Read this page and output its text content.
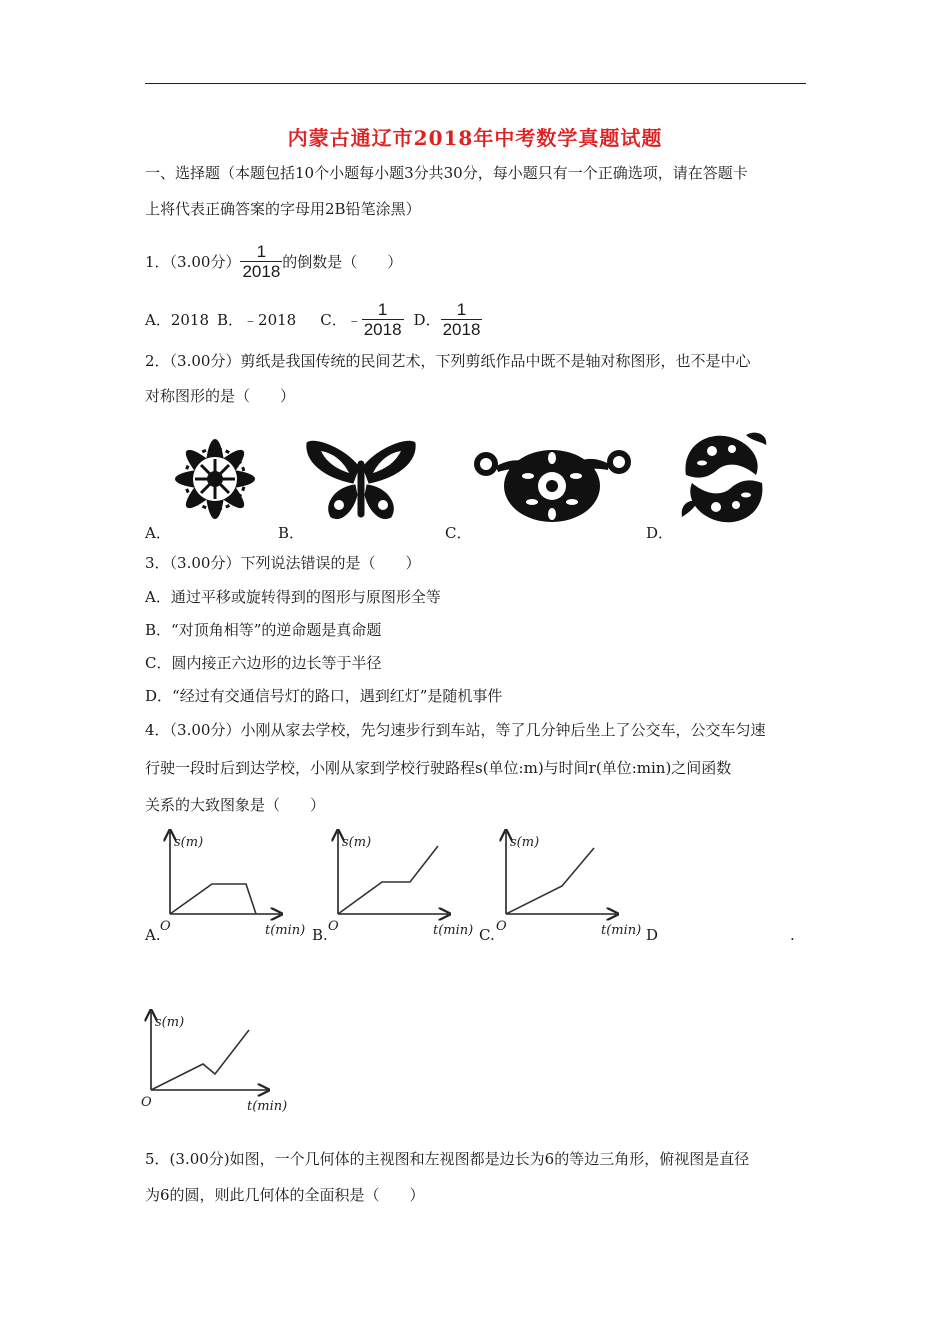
内蒙古通辽市2018年中考数学真题试题
一、选择题（本题包括10个小题每小题3分共30分，每小题只有一个正确选项，请在答题卡
上将代表正确答案的字母用2B铅笔涂黑）
1．（3.00分） $\frac{1}{2018}$ 的倒数是（　　）
A．2018 B．﹣2018 C． ﹣ $\frac{1}{2018}$ D． $\frac{1}{2018}$
2．（3.00分）剪纸是我国传统的民间艺术，下列剪纸作品中既不是轴对称图形，也不是中心
对称图形的是（　　）
A．	B．	C．	D．
3．（3.00分）下列说法错误的是（　　）
A．通过平移或旋转得到的图形与原图形全等
B．“对顶角相等”的逆命题是真命题
C．圆内接正六边形的边长等于半径
D．“经过有交通信号灯的路口，遇到红灯”是随机事件
4．（3.00分）小刚从家去学校，先匀速步行到车站，等了几分钟后坐上了公交车，公交车匀速
行驶一段时后到达学校，小刚从家到学校行驶路程s(单位:m)与时间r(单位:min)之间函数
关系的大致图象是（　　）
s(m)
O	t(min)
A.
s(m)
O	t(min)
B.
s(m)
O	t(min)
C.	D	.
s(m)
O	t(min)
5．(3.00分)如图，一个几何体的主视图和左视图都是边长为6的等边三角形，俯视图是直径
为6的圆，则此几何体的全面积是（　　）
